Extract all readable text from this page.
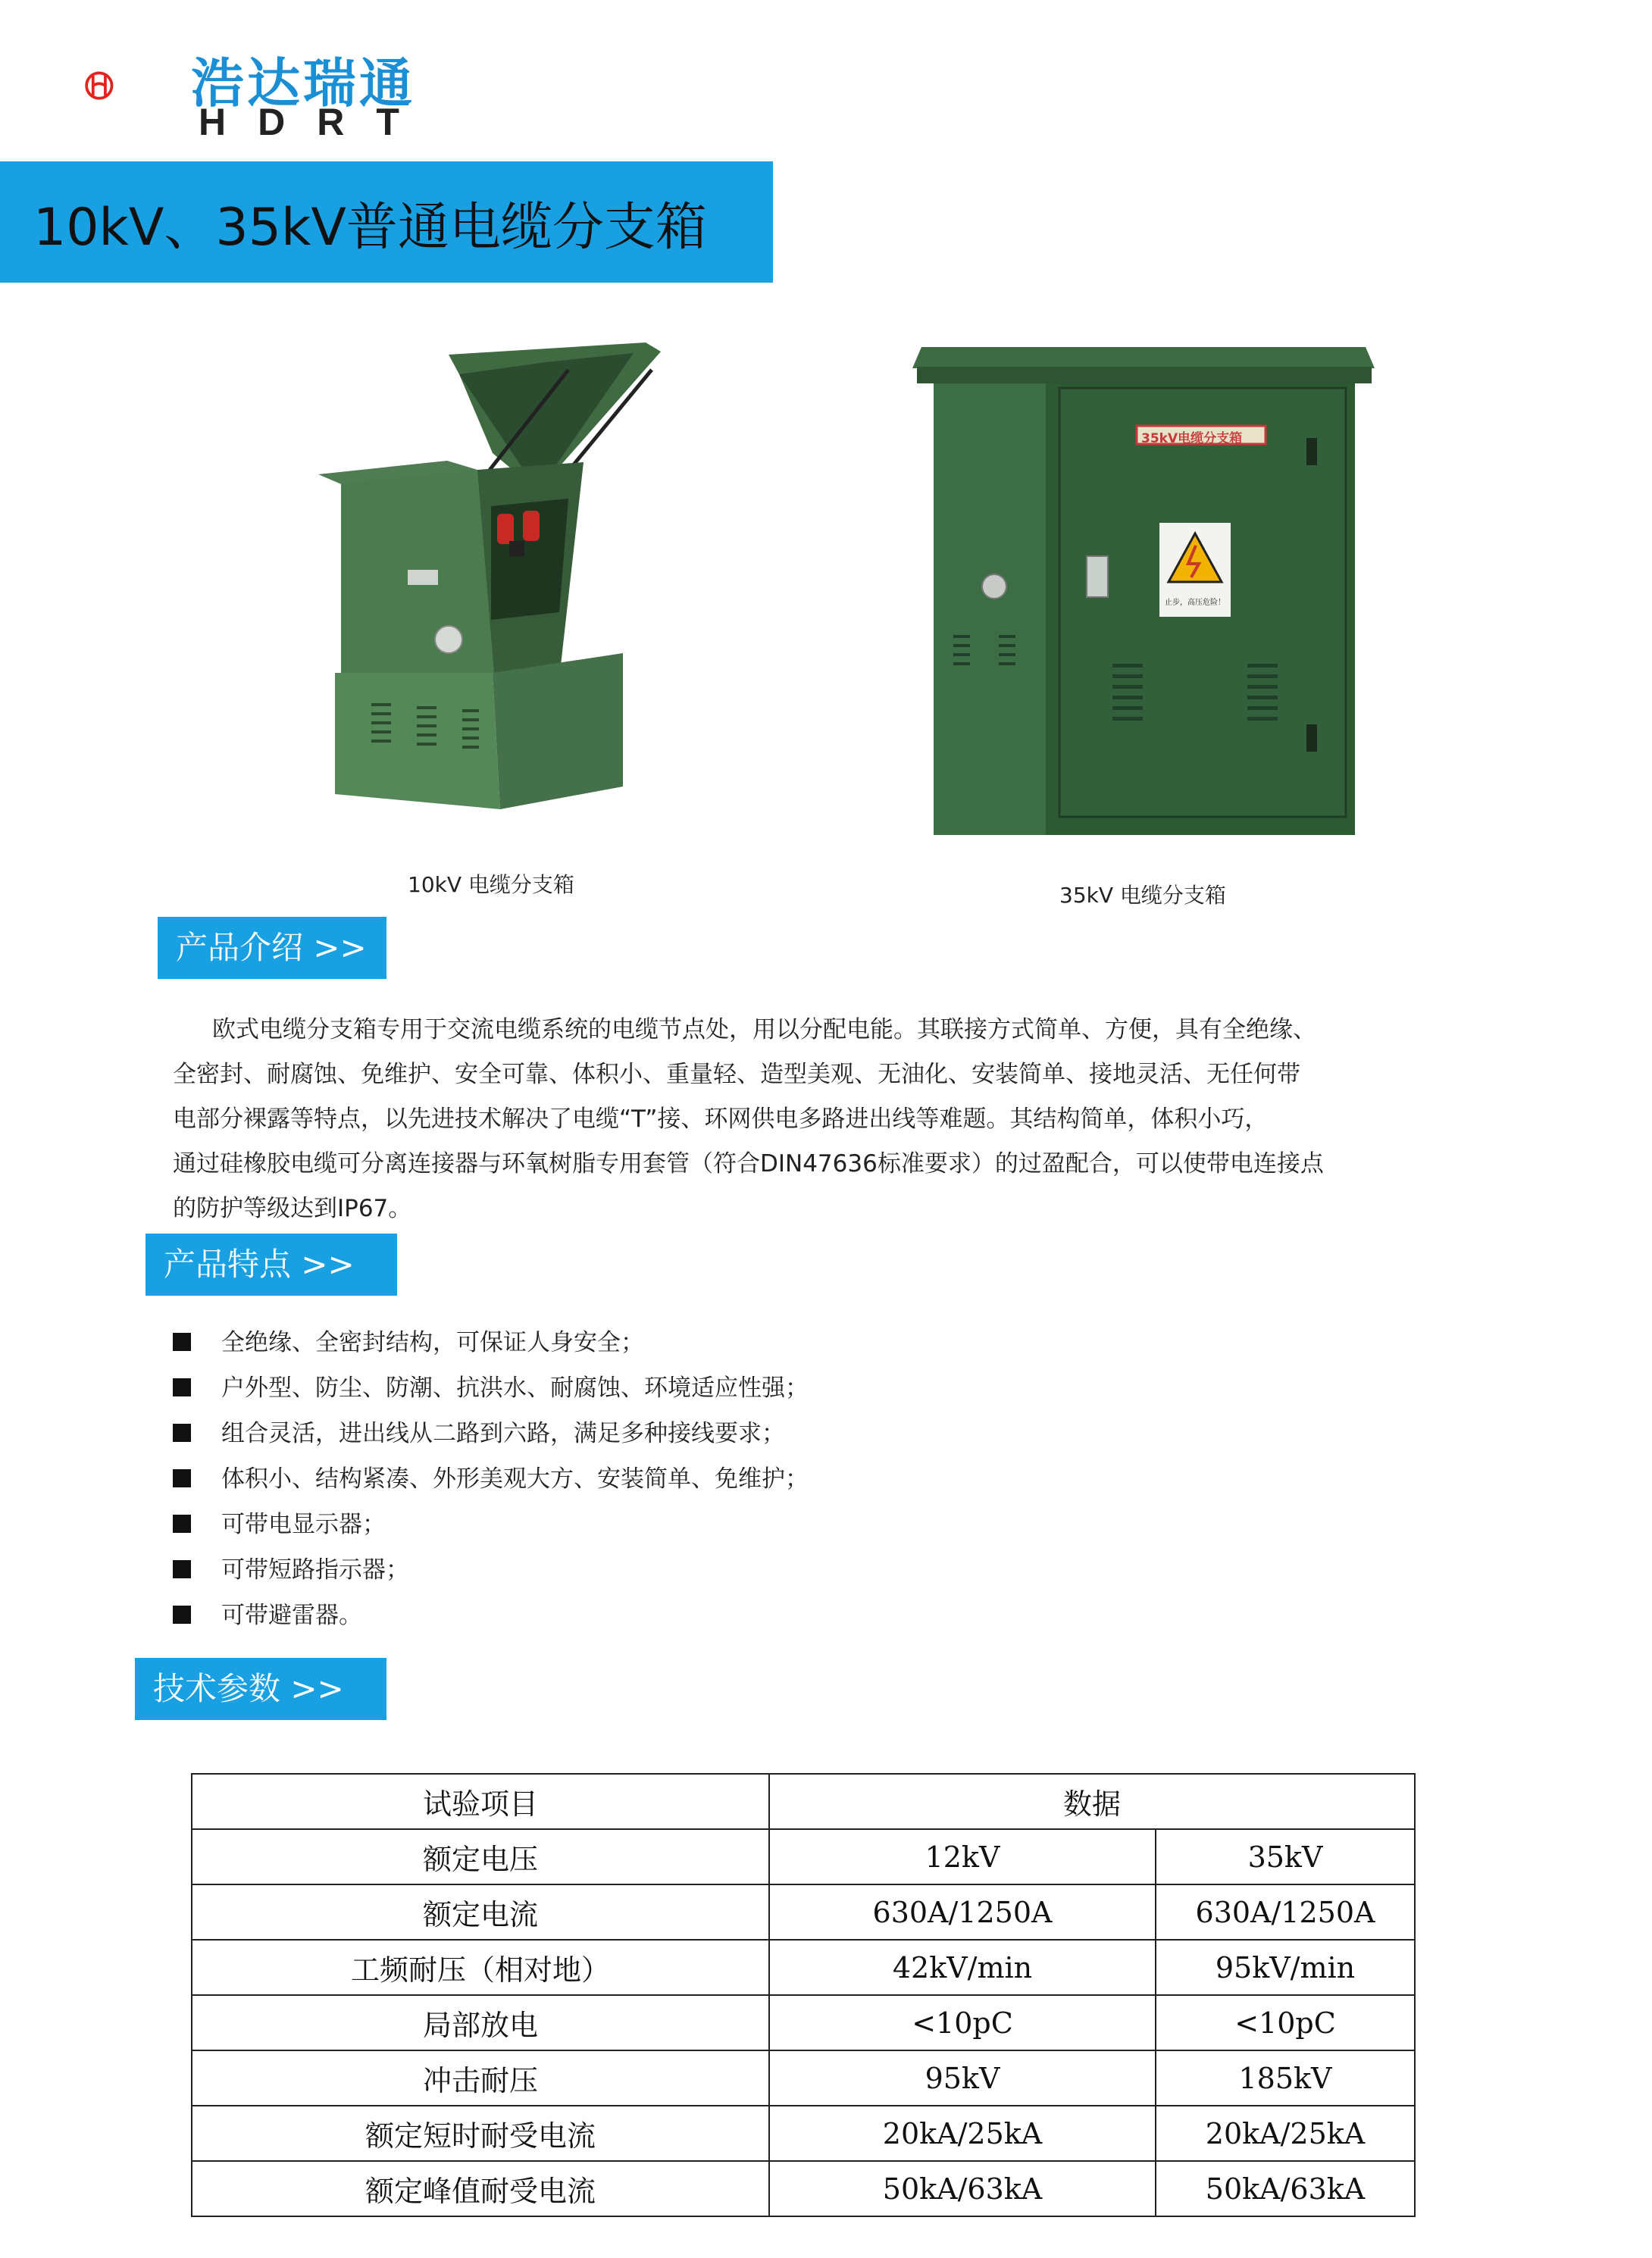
浩达瑞通
HDRT
10kV、35kV普通电缆分支箱
10kV 电缆分支箱
35kV电缆分支箱
止步，高压危险！
35kV 电缆分支箱
产品介绍 >>

欧式电缆分支箱专用于交流电缆系统的电缆节点处，用以分配电能。其联接方式简单、方便，具有全绝缘、

全密封、耐腐蚀、免维护、安全可靠、体积小、重量轻、造型美观、无油化、安装简单、接地灵活、无任何带

电部分裸露等特点，以先进技术解决了电缆“T”接、环网供电多路进出线等难题。其结构简单，体积小巧，

通过硅橡胶电缆可分离连接器与环氧树脂专用套管（符合DIN47636标准要求）的过盈配合，可以使带电连接点

的防护等级达到IP67。

产品特点 >>
全绝缘、全密封结构，可保证人身安全；
户外型、防尘、防潮、抗洪水、耐腐蚀、环境适应性强；
组合灵活，进出线从二路到六路，满足多种接线要求；
体积小、结构紧凑、外形美观大方、安装简单、免维护；
可带电显示器；
可带短路指示器；
可带避雷器。
技术参数 >>
试验项目	数据	
额定电压	12kV	35kV
额定电流	630A/1250A	630A/1250A
工频耐压（相对地）	42kV/min	95kV/min
局部放电	<10pC	<10pC
冲击耐压	95kV	185kV
额定短时耐受电流	20kA/25kA	20kA/25kA
额定峰值耐受电流	50kA/63kA	50kA/63kA
